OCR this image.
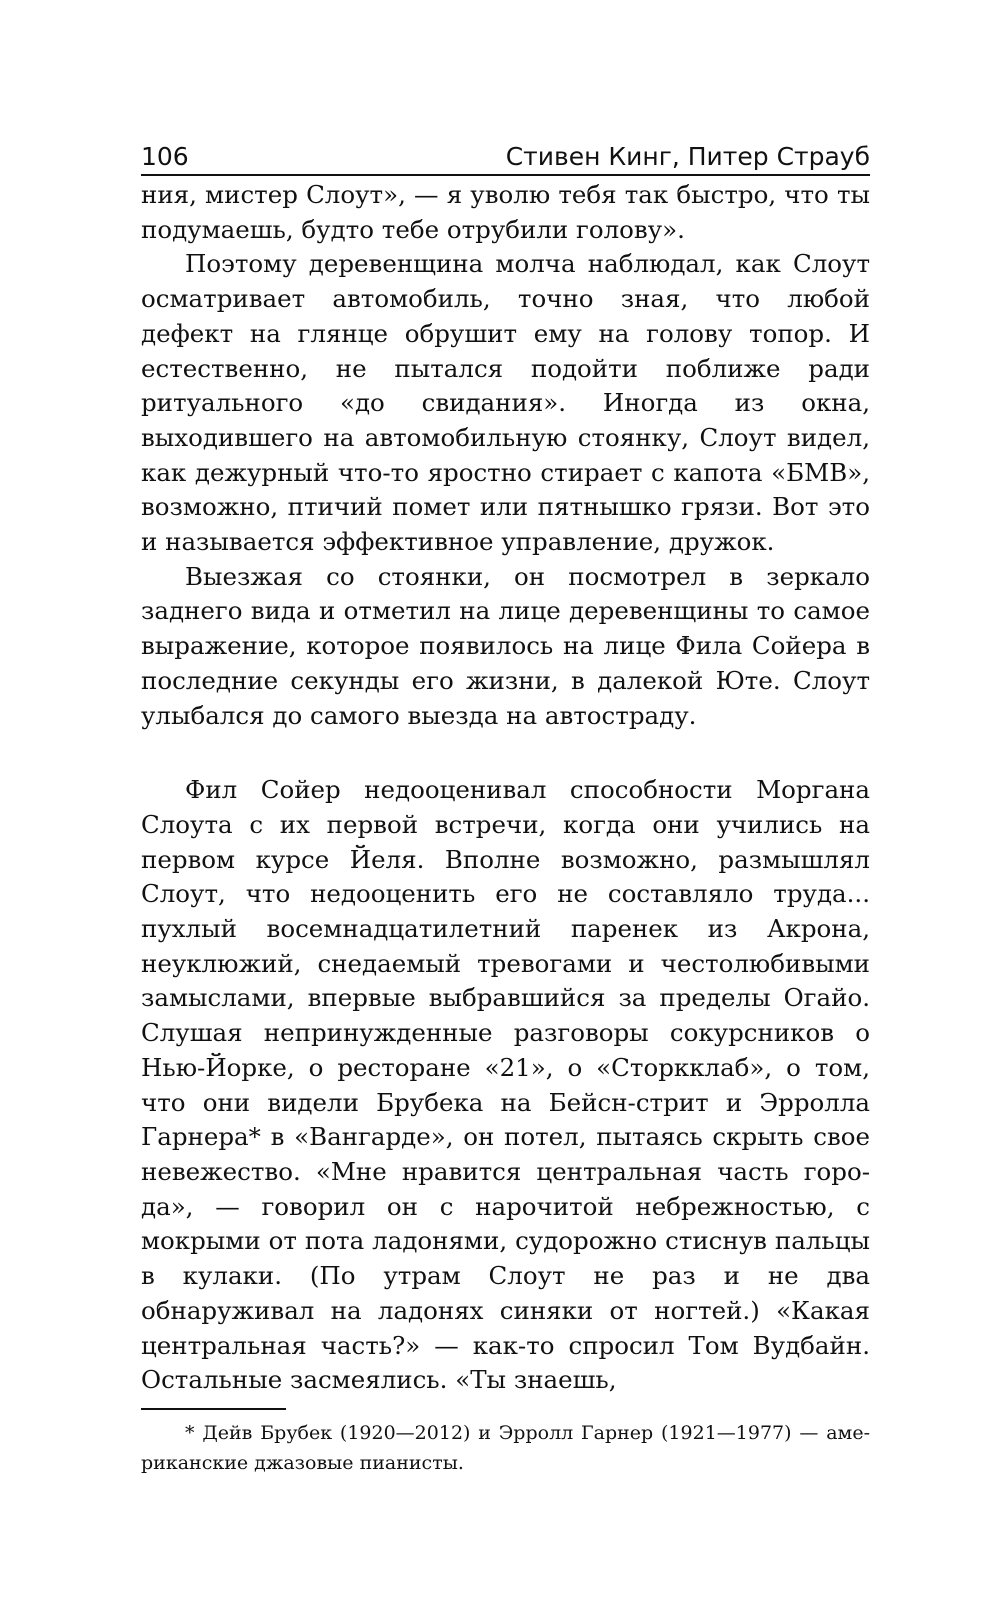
106	Стивен Кинг, Питер Страуб

ния, мистер Слоут», — я уволю тебя так быстро, что ты подумаешь, будто тебе отрубили голову».

Поэтому деревенщина молча наблюдал, как Слоут осматривает автомобиль, точно зная, что любой дефект на глянце обрушит ему на голову топор. И естественно, не пытался подойти поближе ради ритуального «до свидания». Иногда из окна, выходившего на автомобильную стоянку, Слоут видел, как дежурный что-то яростно стирает с капота «БМВ», возможно, птичий помет или пятнышко грязи. Вот это и называется эффективное управление, дружок.

Выезжая со стоянки, он посмотрел в зеркало заднего вида и отметил на лице деревенщины то самое выражение, которое появилось на лице Фила Сойера в последние секунды его жизни, в далекой Юте. Слоут улыбался до самого выезда на автостраду.

Фил Сойер недооценивал способности Моргана Слоута с их первой встречи, когда они учились на первом курсе Йеля. Вполне возможно, размышлял Слоут, что недооценить его не составляло труда... пухлый восемнадцатилетний паренек из Акрона, неуклюжий, снедаемый тревогами и честолюбивыми замыслами, впервые выбравшийся за пределы Огайо. Слушая непринужденные разговоры сокурсников о Нью-Йорке, о ресторане «21», о «Сторкклаб», о том, что они видели Брубека на Бейсн-стрит и Эрролла Гарнера* в «Вангарде», он потел, пытаясь скрыть свое невежество. «Мне нравится центральная часть города», — говорил он с нарочитой небрежностью, с мокрыми от пота ладонями, судорожно стиснув пальцы в кулаки. (По утрам Слоут не раз и не два обнаруживал на ладонях синяки от ногтей.) «Какая центральная часть?» — как-то спросил Том Вудбайн. Остальные засмеялись. «Ты знаешь,

* Дейв Брубек (1920—2012) и Эрролл Гарнер (1921—1977) — американские джазовые пианисты.
